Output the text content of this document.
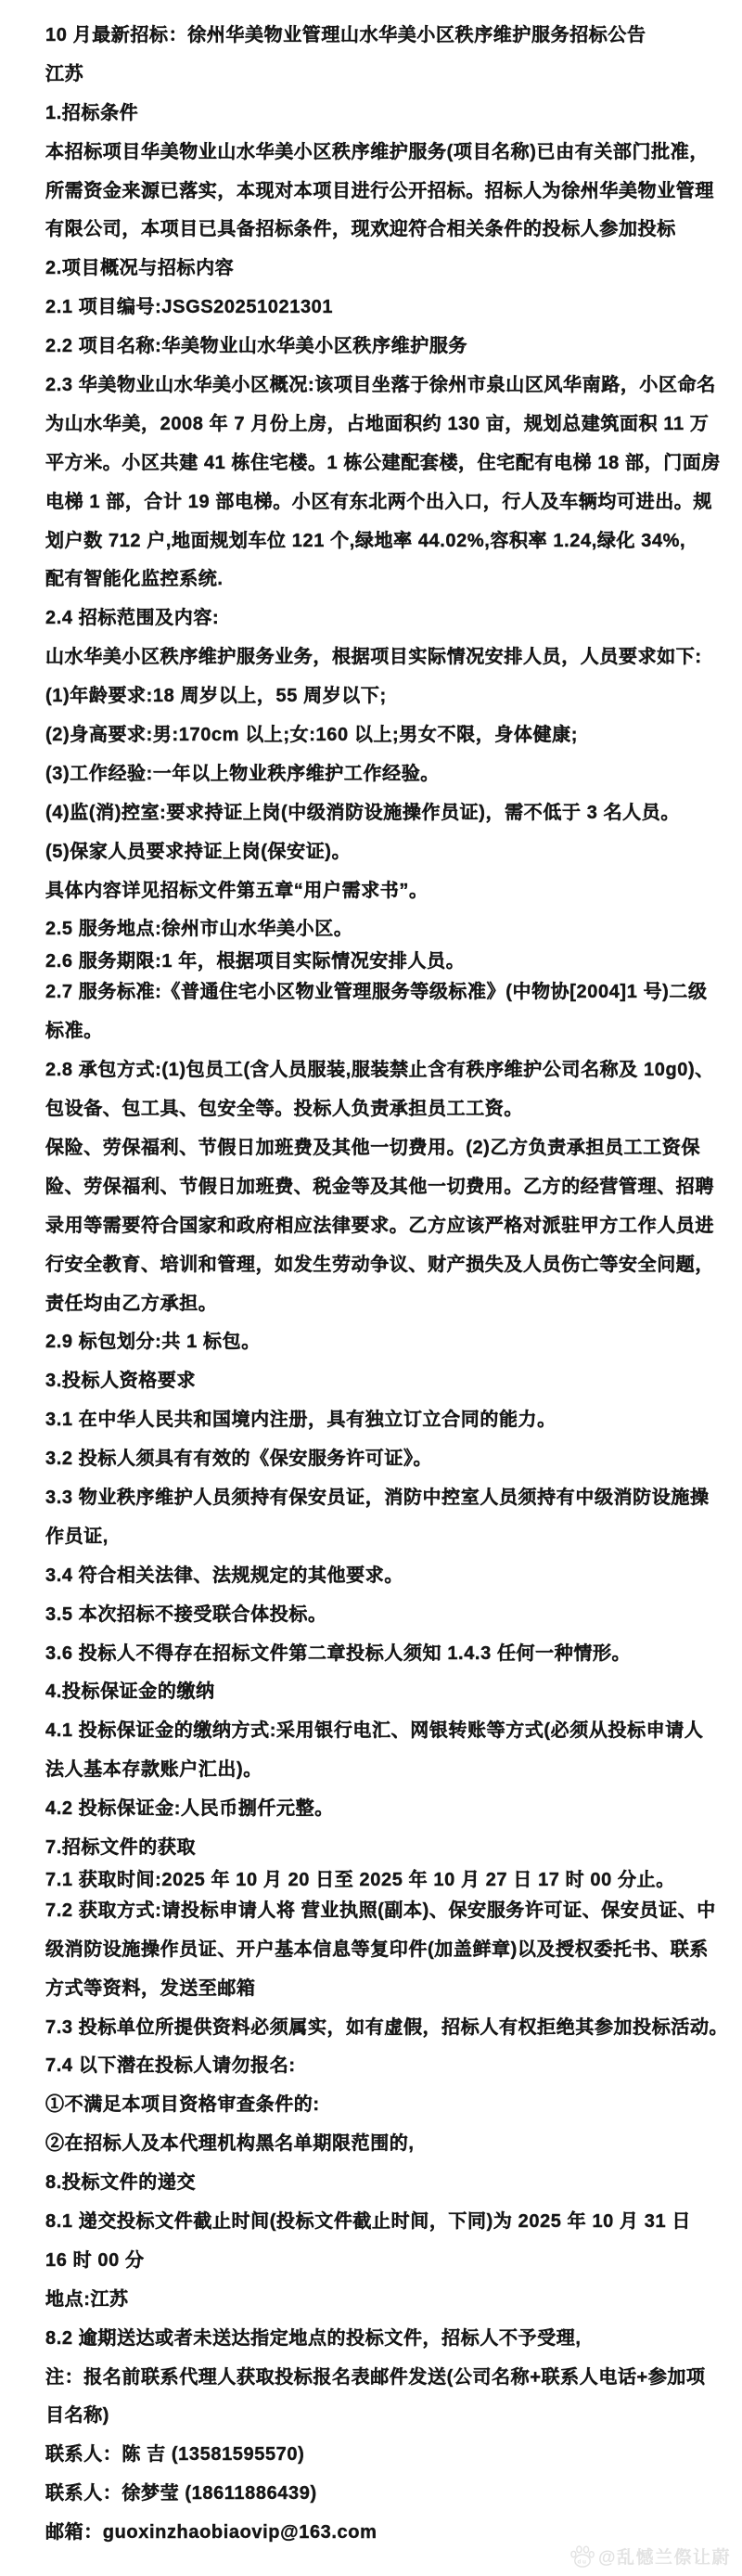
10 月最新招标：徐州华美物业管理山水华美小区秩序维护服务招标公告
江苏
1.招标条件
本招标项目华美物业山水华美小区秩序维护服务(项目名称)已由有关部门批准，
所需资金来源已落实，本现对本项目进行公开招标。招标人为徐州华美物业管理
有限公司，本项目已具备招标条件，现欢迎符合相关条件的投标人参加投标
2.项目概况与招标内容
2.1 项目编号:JSGS20251021301
2.2 项目名称:华美物业山水华美小区秩序维护服务
2.3 华美物业山水华美小区概况:该项目坐落于徐州市泉山区风华南路，小区命名
为山水华美，2008 年 7 月份上房，占地面积约 130 亩，规划总建筑面积 11 万
平方米。小区共建 41 栋住宅楼。1 栋公建配套楼，住宅配有电梯 18 部，门面房
电梯 1 部，合计 19 部电梯。小区有东北两个出入口，行人及车辆均可进出。规
划户数 712 户,地面规划车位 121 个,绿地率 44.02%,容积率 1.24,绿化 34%,
配有智能化监控系统.
2.4 招标范围及内容:
山水华美小区秩序维护服务业务，根据项目实际情况安排人员，人员要求如下:
(1)年龄要求:18 周岁以上，55 周岁以下;
(2)身高要求:男:170cm 以上;女:160 以上;男女不限，身体健康;
(3)工作经验:一年以上物业秩序维护工作经验。
(4)监(消)控室:要求持证上岗(中级消防设施操作员证)，需不低于 3 名人员。
(5)保家人员要求持证上岗(保安证)。
具体内容详见招标文件第五章“用户需求书”。
2.5 服务地点:徐州市山水华美小区。
2.6 服务期限:1 年，根据项目实际情况安排人员。
2.7 服务标准:《普通住宅小区物业管理服务等级标准》(中物协[2004]1 号)二级
标准。
2.8 承包方式:(1)包员工(含人员服装,服装禁止含有秩序维护公司名称及 10g0)、
包设备、包工具、包安全等。投标人负责承担员工工资。
保险、劳保福利、节假日加班费及其他一切费用。(2)乙方负责承担员工工资保
险、劳保福利、节假日加班费、税金等及其他一切费用。乙方的经营管理、招聘
录用等需要符合国家和政府相应法律要求。乙方应该严格对派驻甲方工作人员进
行安全教育、培训和管理，如发生劳动争议、财产损失及人员伤亡等安全问题，
责任均由乙方承担。
2.9 标包划分:共 1 标包。
3.投标人资格要求
3.1 在中华人民共和国境内注册，具有独立订立合同的能力。
3.2 投标人须具有有效的《保安服务许可证》。
3.3 物业秩序维护人员须持有保安员证，消防中控室人员须持有中级消防设施操
作员证,
3.4 符合相关法律、法规规定的其他要求。
3.5 本次招标不接受联合体投标。
3.6 投标人不得存在招标文件第二章投标人须知 1.4.3 任何一种情形。
4.投标保证金的缴纳
4.1 投标保证金的缴纳方式:采用银行电汇、网银转账等方式(必须从投标申请人
法人基本存款账户汇出)。
4.2 投标保证金:人民币捌仟元整。
7.招标文件的获取
7.1 获取时间:2025 年 10 月 20 日至 2025 年 10 月 27 日 17 时 00 分止。
7.2 获取方式:请投标申请人将 营业执照(副本)、保安服务许可证、保安员证、中
级消防设施操作员证、开户基本信息等复印件(加盖鲜章)以及授权委托书、联系
方式等资料，发送至邮箱
7.3 投标单位所提供资料必须属实，如有虚假，招标人有权拒绝其参加投标活动。
7.4 以下潜在投标人请勿报名:
①不满足本项目资格审查条件的:
②在招标人及本代理机构黑名单期限范围的,
8.投标文件的递交
8.1 递交投标文件截止时间(投标文件截止时间，下同)为 2025 年 10 月 31 日
16 时 00 分
地点:江苏
8.2 逾期送达或者未送达指定地点的投标文件，招标人不予受理,
注：报名前联系代理人获取投标报名表邮件发送(公司名称+联系人电话+参加项
目名称)
联系人：陈 吉 (13581595570)
联系人：徐梦莹 (18611886439)
邮箱：guoxinzhaobiaovip@163.com
du @乱憾兰傺让蔚
